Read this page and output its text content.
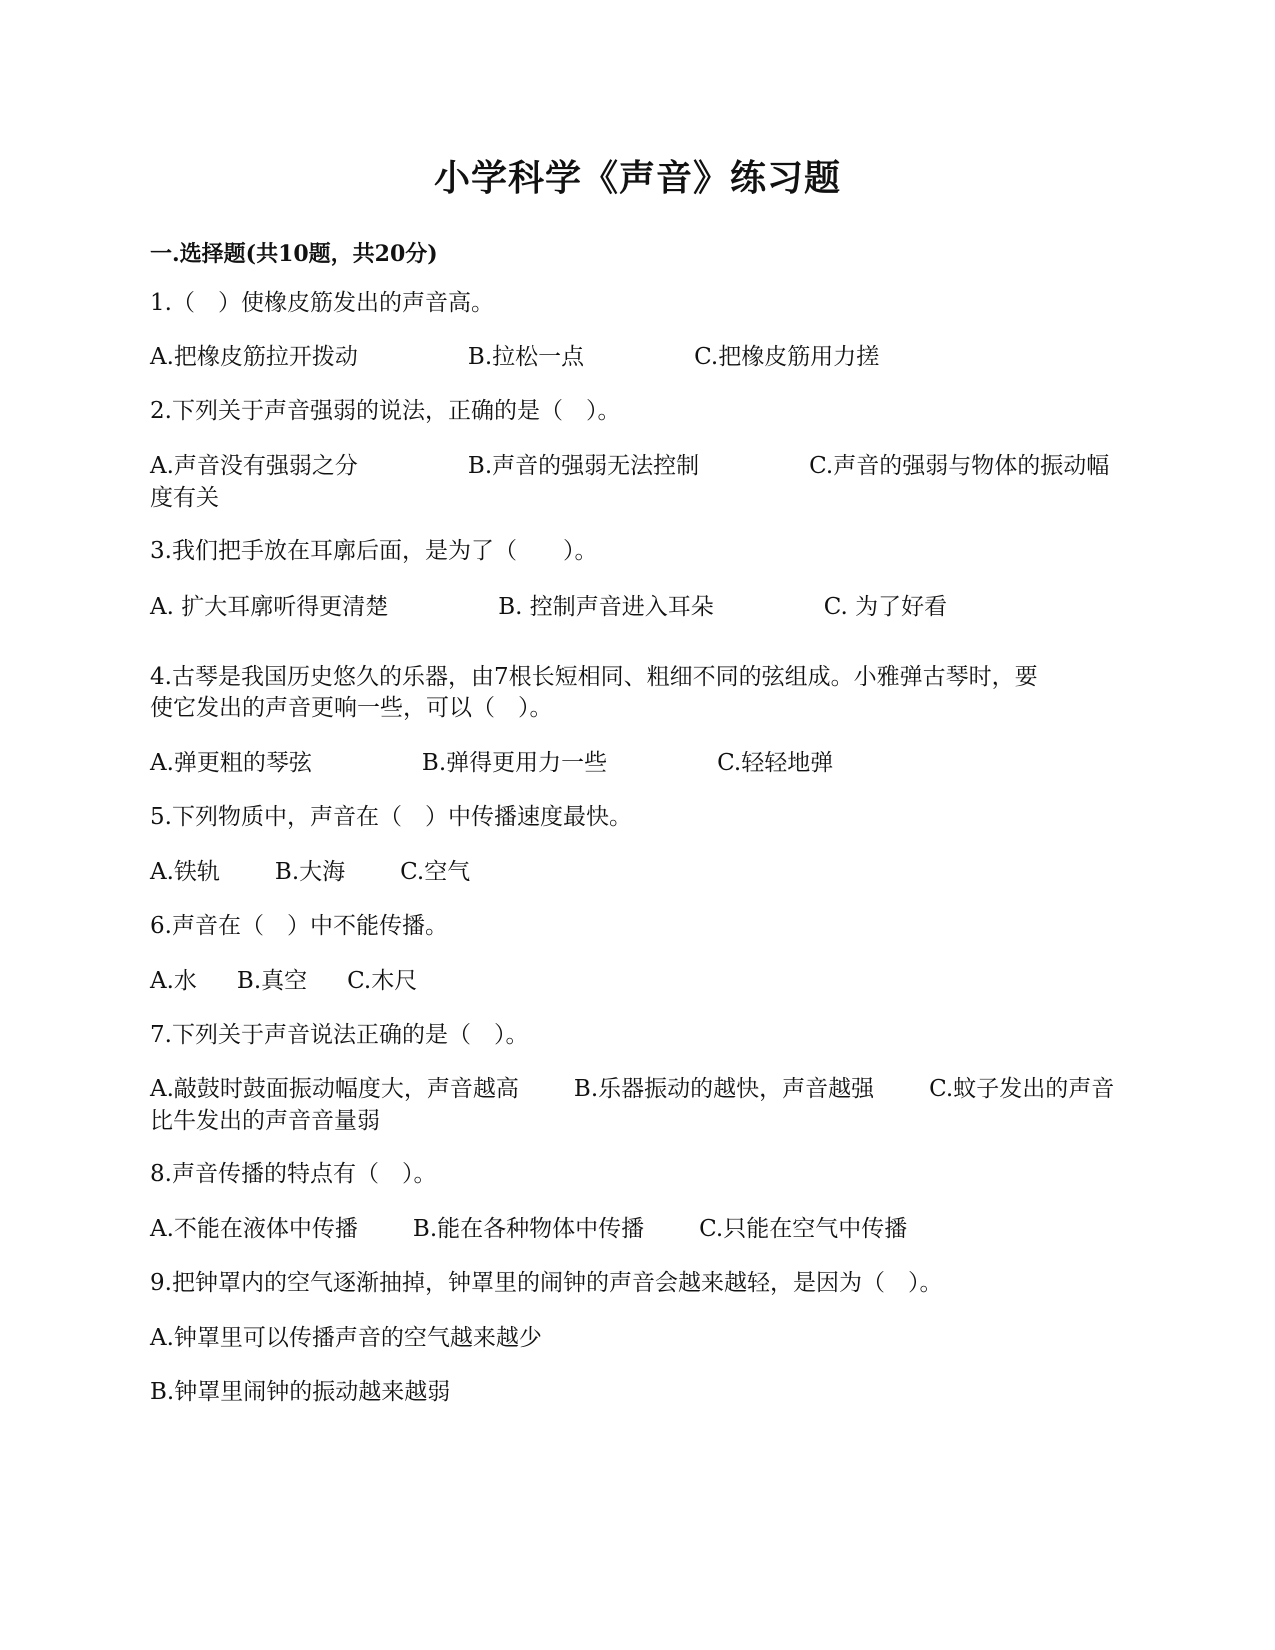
小学科学《声音》练习题
一.选择题(共10题，共20分)
1.（　）使橡皮筋发出的声音高。
A.把橡皮筋拉开拨动	B.拉松一点	C.把橡皮筋用力搓
2.下列关于声音强弱的说法，正确的是（　）。
A.声音没有强弱之分	B.声音的强弱无法控制	C.声音的强弱与物体的振动幅度有关
3.我们把手放在耳廓后面，是为了（　　）。
A. 扩大耳廓听得更清楚	B. 控制声音进入耳朵	C. 为了好看
4.古琴是我国历史悠久的乐器，由7根长短相同、粗细不同的弦组成。小雅弹古琴时，要
使它发出的声音更响一些，可以（　）。
A.弹更粗的琴弦	B.弹得更用力一些	C.轻轻地弹
5.下列物质中，声音在（　）中传播速度最快。
A.铁轨 B.大海 C.空气
6.声音在（　）中不能传播。
A.水 B.真空 C.木尺
7.下列关于声音说法正确的是（　）。
A.敲鼓时鼓面振动幅度大，声音越高 B.乐器振动的越快，声音越强 C.蚊子发出的声音比牛发出的声音音量弱
8.声音传播的特点有（　）。
A.不能在液体中传播 B.能在各种物体中传播 C.只能在空气中传播
9.把钟罩内的空气逐渐抽掉，钟罩里的闹钟的声音会越来越轻，是因为（　）。
A.钟罩里可以传播声音的空气越来越少
B.钟罩里闹钟的振动越来越弱
